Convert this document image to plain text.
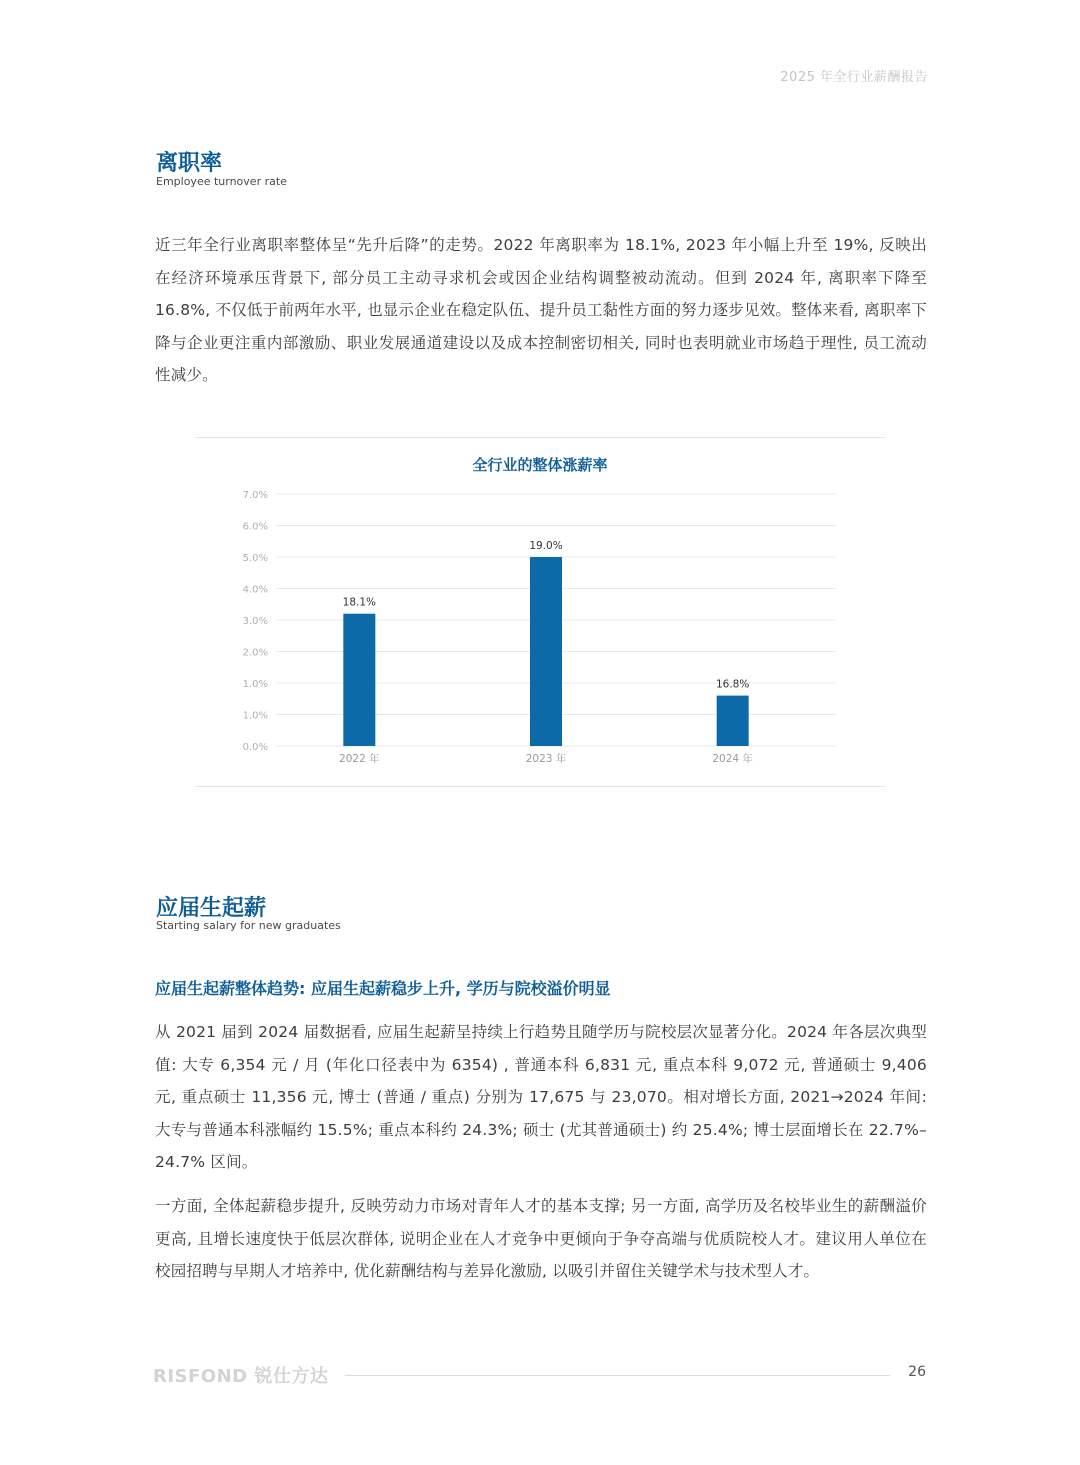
2025 年全行业薪酬报告
离职率
Employee turnover rate

近三年全行业离职率整体呈“先升后降”的走势。2022 年离职率为 18.1%, 2023 年小幅上升至 19%, 反映出在经济环境承压背景下, 部分员工主动寻求机会或因企业结构调整被动流动。但到 2024 年, 离职率下降至 16.8%, 不仅低于前两年水平, 也显示企业在稳定队伍、提升员工黏性方面的努力逐步见效。整体来看, 离职率下降与企业更注重内部激励、职业发展通道建设以及成本控制密切相关, 同时也表明就业市场趋于理性, 员工流动性减少。

全行业的整体涨薪率
0.0%
1.0%
1.0%
2.0%
3.0%
4.0%
5.0%
6.0%
7.0%
18.1%
2022 年
19.0%
2023 年
16.8%
2024 年
应届生起薪
Starting salary for new graduates
应届生起薪整体趋势: 应届生起薪稳步上升, 学历与院校溢价明显

从 2021 届到 2024 届数据看, 应届生起薪呈持续上行趋势且随学历与院校层次显著分化。2024 年各层次典型值: 大专 6,354 元 / 月 (年化口径表中为 6354) , 普通本科 6,831 元, 重点本科 9,072 元, 普通硕士 9,406 元, 重点硕士 11,356 元, 博士 (普通 / 重点) 分别为 17,675 与 23,070。相对增长方面, 2021→2024 年间: 大专与普通本科涨幅约 15.5%; 重点本科约 24.3%; 硕士 (尤其普通硕士) 约 25.4%; 博士层面增长在 22.7%–24.7% 区间。

一方面, 全体起薪稳步提升, 反映劳动力市场对青年人才的基本支撑; 另一方面, 高学历及名校毕业生的薪酬溢价更高, 且增长速度快于低层次群体, 说明企业在人才竞争中更倾向于争夺高端与优质院校人才。建议用人单位在校园招聘与早期人才培养中, 优化薪酬结构与差异化激励, 以吸引并留住关键学术与技术型人才。

RISFOND 锐仕方达	26
